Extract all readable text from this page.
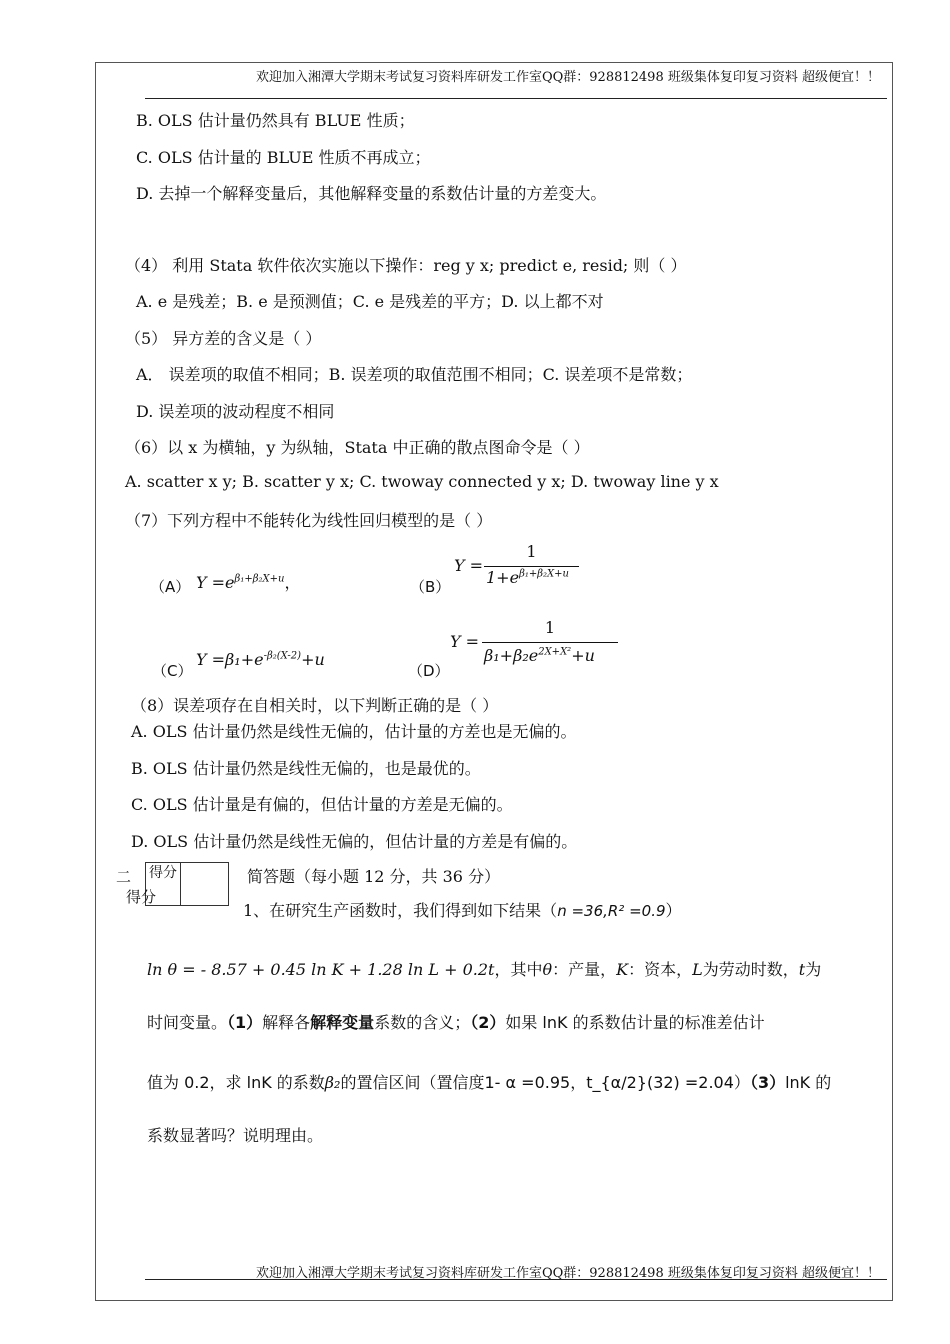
欢迎加入湘潭大学期末考试复习资料库研发工作室QQ群：928812498 班级集体复印复习资料 超级便宜！！
B. OLS 估计量仍然具有 BLUE 性质；
C. OLS 估计量的 BLUE 性质不再成立；
D. 去掉一个解释变量后，其他解释变量的系数估计量的方差变大。
（4） 利用 Stata 软件依次实施以下操作：reg y x; predict e, resid; 则（ ）
A. e 是残差；B. e 是预测值；C. e 是残差的平方；D. 以上都不对
（5） 异方差的含义是（ ）
A． 误差项的取值不相同；B. 误差项的取值范围不相同；C. 误差项不是常数；
D. 误差项的波动程度不相同
（6）以 x 为横轴，y 为纵轴，Stata 中正确的散点图命令是（ ）
A. scatter x y; B. scatter y x; C. twoway connected y x; D. twoway line y x
（7）下列方程中不能转化为线性回归模型的是（ ）
（A） $Y =e^{\beta_1+\beta_2X+u}$，	（B）
Y =
1
$1+e^{\beta_1+\beta_2X+u}$
（C）
$Y =\beta_1+e^{-\beta_2(X-2)}+u$
（D）
Y =
1
$\beta_1+\beta_2e^{2X+X^2}+u$
（8）误差项存在自相关时，以下判断正确的是（ ）
A. OLS 估计量仍然是线性无偏的，估计量的方差也是无偏的。
B. OLS 估计量仍然是线性无偏的，也是最优的。
C. OLS 估计量是有偏的，但估计量的方差是无偏的。
D. OLS 估计量仍然是线性无偏的，但估计量的方差是有偏的。
二 得分
得分
简答题（每小题 12 分，共 36 分）
1、在研究生产函数时，我们得到如下结果（n =36,R² =0.9）
ln θ = - 8.57 + 0.45 ln K + 1.28 ln L + 0.2t，其中θ：产量，K：资本，L为劳动时数，t为
时间变量。（1）解释各解释变量系数的含义；（2）如果 lnK 的系数估计量的标准差估计
值为 0.2，求 lnK 的系数β₂的置信区间（置信度1- α =0.95，t_{α/2}(32) =2.04）（3）lnK 的
系数显著吗？说明理由。
欢迎加入湘潭大学期末考试复习资料库研发工作室QQ群：928812498 班级集体复印复习资料 超级便宜！！
